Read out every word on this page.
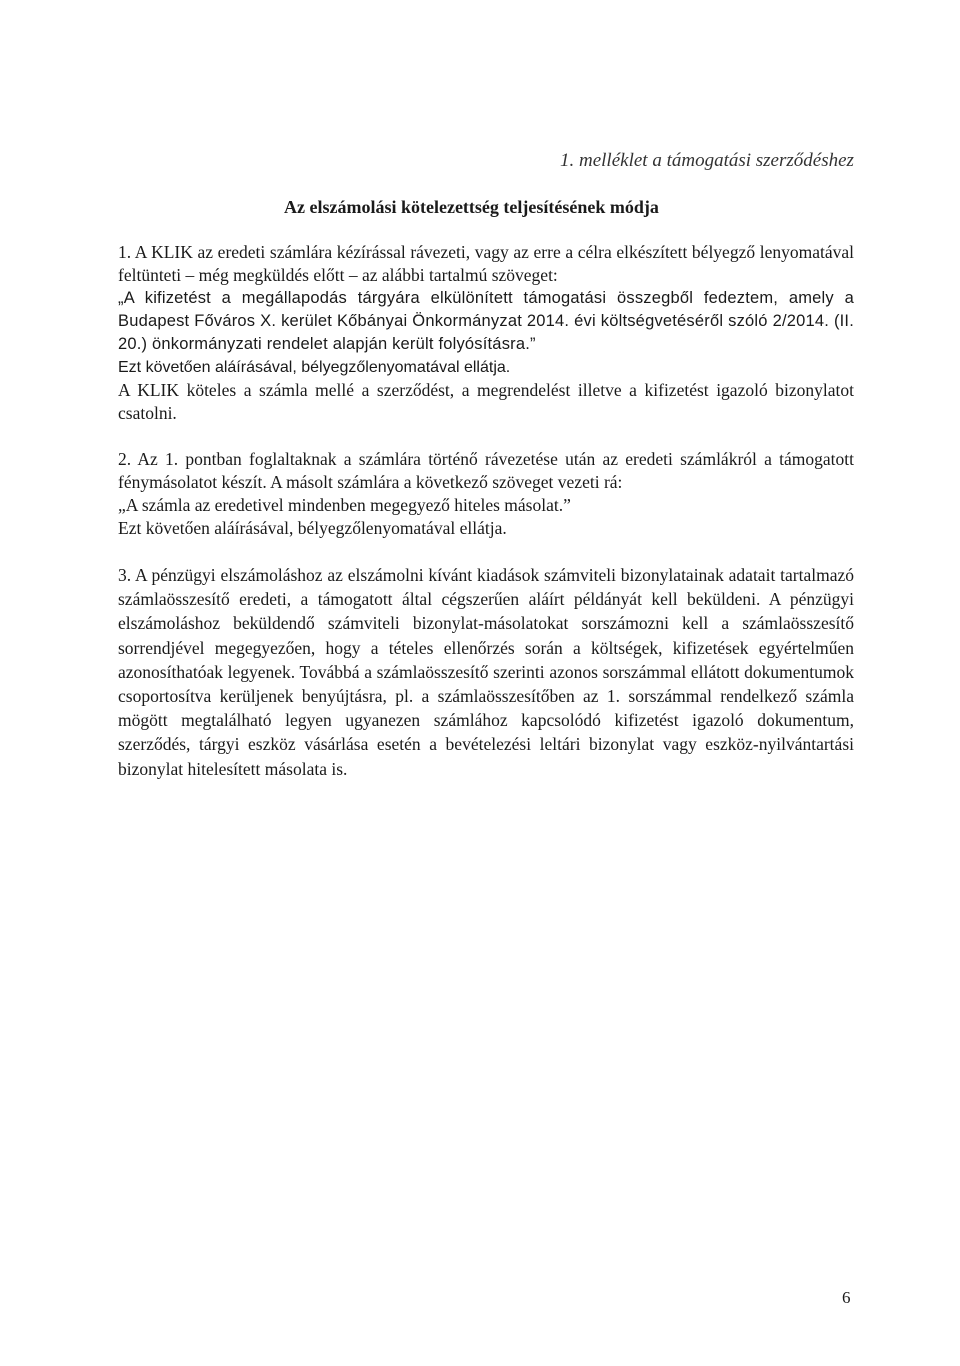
1. melléklet a támogatási szerződéshez
Az elszámolási kötelezettség teljesítésének módja

1. A KLIK az eredeti számlára kézírással rávezeti, vagy az erre a célra elkészített bélyegző lenyomatával feltünteti – még megküldés előtt – az alábbi tartalmú szöveget:

„A kifizetést a megállapodás tárgyára elkülönített támogatási összegből fedeztem, amely a Budapest Főváros X. kerület Kőbányai Önkormányzat 2014. évi költségvetéséről szóló 2/2014. (II. 20.) önkormányzati rendelet alapján került folyósításra.”

Ezt követően aláírásával, bélyegzőlenyomatával ellátja.

A KLIK köteles a számla mellé a szerződést, a megrendelést illetve a kifizetést igazoló bizonylatot csatolni.

2. Az 1. pontban foglaltaknak a számlára történő rávezetése után az eredeti számlákról a támogatott fénymásolatot készít. A másolt számlára a következő szöveget vezeti rá:

„A számla az eredetivel mindenben megegyező hiteles másolat.”

Ezt követően aláírásával, bélyegzőlenyomatával ellátja.

3. A pénzügyi elszámoláshoz az elszámolni kívánt kiadások számviteli bizonylatainak adatait tartalmazó számlaösszesítő eredeti, a támogatott által cégszerűen aláírt példányát kell beküldeni. A pénzügyi elszámoláshoz beküldendő számviteli bizonylat-másolatokat sorszámozni kell a számlaösszesítő sorrendjével megegyezően, hogy a tételes ellenőrzés során a költségek, kifizetések egyértelműen azonosíthatóak legyenek. Továbbá a számlaösszesítő szerinti azonos sorszámmal ellátott dokumentumok csoportosítva kerüljenek benyújtásra, pl. a számlaösszesítőben az 1. sorszámmal rendelkező számla mögött megtalálható legyen ugyanezen számlához kapcsolódó kifizetést igazoló dokumentum, szerződés, tárgyi eszköz vásárlása esetén a bevételezési leltári bizonylat vagy eszköz-nyilvántartási bizonylat hitelesített másolata is.

6
